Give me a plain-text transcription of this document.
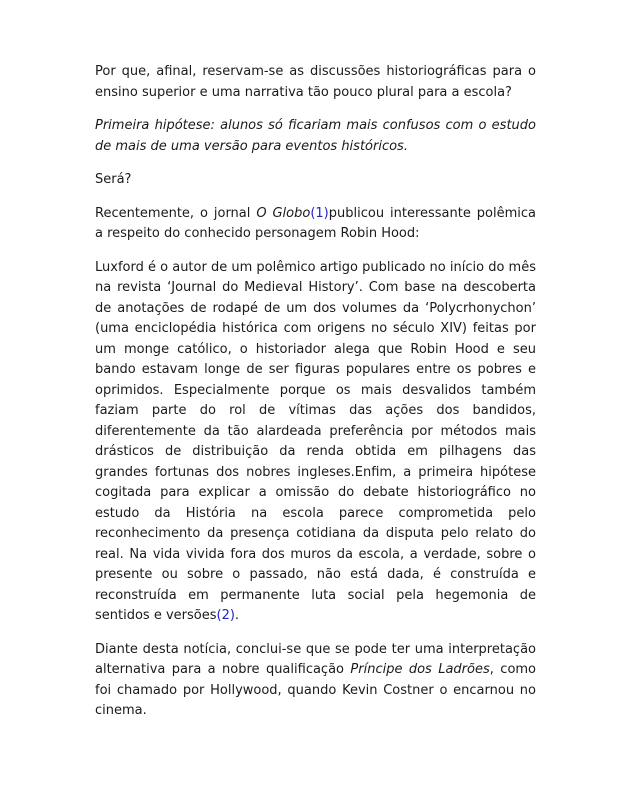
Por que, afinal, reservam-se as discussões historiográficas para o ensino superior e uma narrativa tão pouco plural para a escola?

Primeira hipótese: alunos só ficariam mais confusos com o estudo de mais de uma versão para eventos históricos.

Será?

Recentemente, o jornal O Globo(1)publicou interessante polêmica a respeito do conhecido personagem Robin Hood:

Luxford é o autor de um polêmico artigo publicado no início do mês na revista ‘Journal do Medieval History’. Com base na descoberta de anotações de rodapé de um dos volumes da ‘Polycrhonychon’ (uma enciclopédia histórica com origens no século XIV) feitas por um monge católico, o historiador alega que Robin Hood e seu bando estavam longe de ser figuras populares entre os pobres e oprimidos. Especialmente porque os mais desvalidos também faziam parte do rol de vítimas das ações dos bandidos, diferentemente da tão alardeada preferência por métodos mais drásticos de distribuição da renda obtida em pilhagens das grandes fortunas dos nobres ingleses.Enfim, a primeira hipótese cogitada para explicar a omissão do debate historiográfico no estudo da História na escola parece comprometida pelo reconhecimento da presença cotidiana da disputa pelo relato do real. Na vida vivida fora dos muros da escola, a verdade, sobre o presente ou sobre o passado, não está dada, é construída e reconstruída em permanente luta social pela hegemonia de sentidos e versões(2).

Diante desta notícia, conclui-se que se pode ter uma interpretação alternativa para a nobre qualificação Príncipe dos Ladrões, como foi chamado por Hollywood, quando Kevin Costner o encarnou no cinema.
